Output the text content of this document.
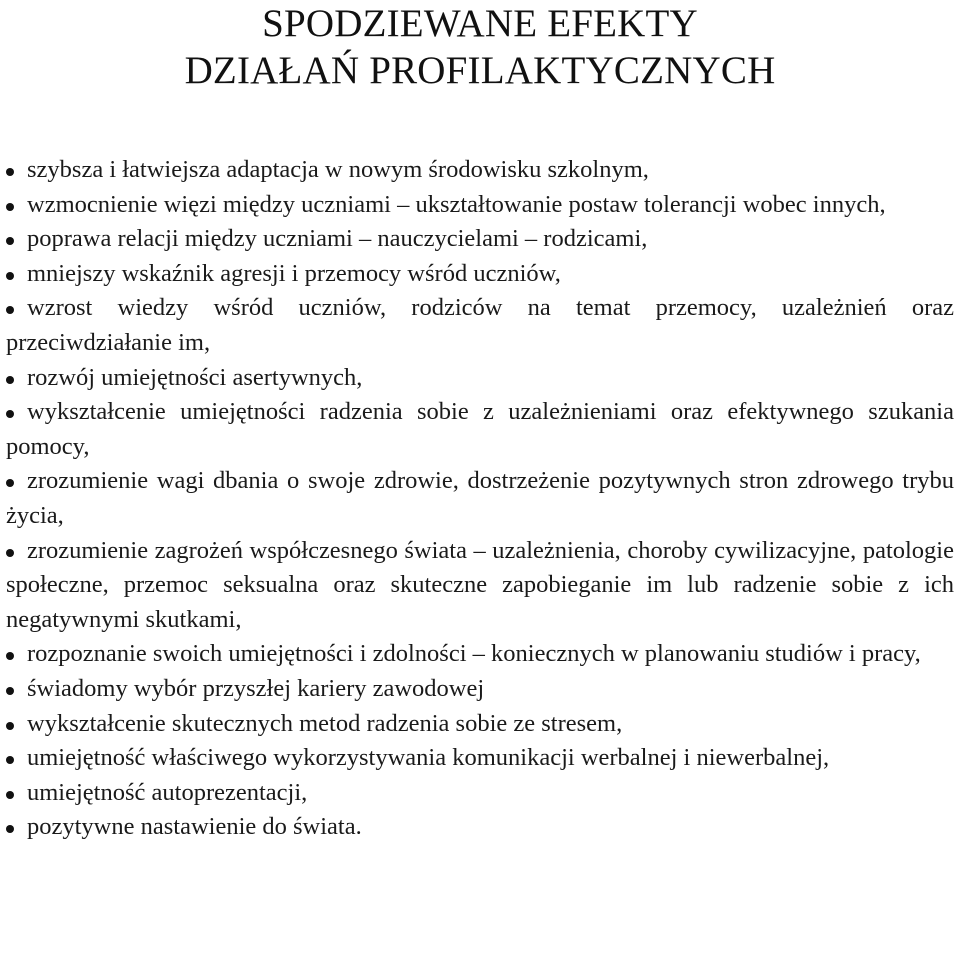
SPODZIEWANE EFEKTY
DZIAŁAŃ PROFILAKTYCZNYCH
szybsza i łatwiejsza adaptacja w nowym środowisku szkolnym,
wzmocnienie więzi między uczniami – ukształtowanie postaw tolerancji wobec innych,
poprawa relacji między uczniami – nauczycielami – rodzicami,
mniejszy wskaźnik agresji i przemocy wśród uczniów,
wzrost wiedzy wśród uczniów, rodziców na temat przemocy, uzależnień oraz przeciwdziałanie im,
rozwój umiejętności asertywnych,
wykształcenie umiejętności radzenia sobie z uzależnieniami oraz efektywnego szukania pomocy,
zrozumienie wagi dbania o swoje zdrowie, dostrzeżenie pozytywnych stron zdrowego trybu życia,
zrozumienie zagrożeń współczesnego świata – uzależnienia, choroby cywilizacyjne, patologie społeczne, przemoc seksualna oraz skuteczne zapobieganie im lub radzenie sobie z ich negatywnymi skutkami,
rozpoznanie swoich umiejętności i zdolności – koniecznych w planowaniu studiów i pracy,
świadomy wybór przyszłej kariery zawodowej
wykształcenie skutecznych metod radzenia sobie ze stresem,
umiejętność właściwego wykorzystywania komunikacji werbalnej i niewerbalnej,
umiejętność autoprezentacji,
pozytywne nastawienie do świata.
